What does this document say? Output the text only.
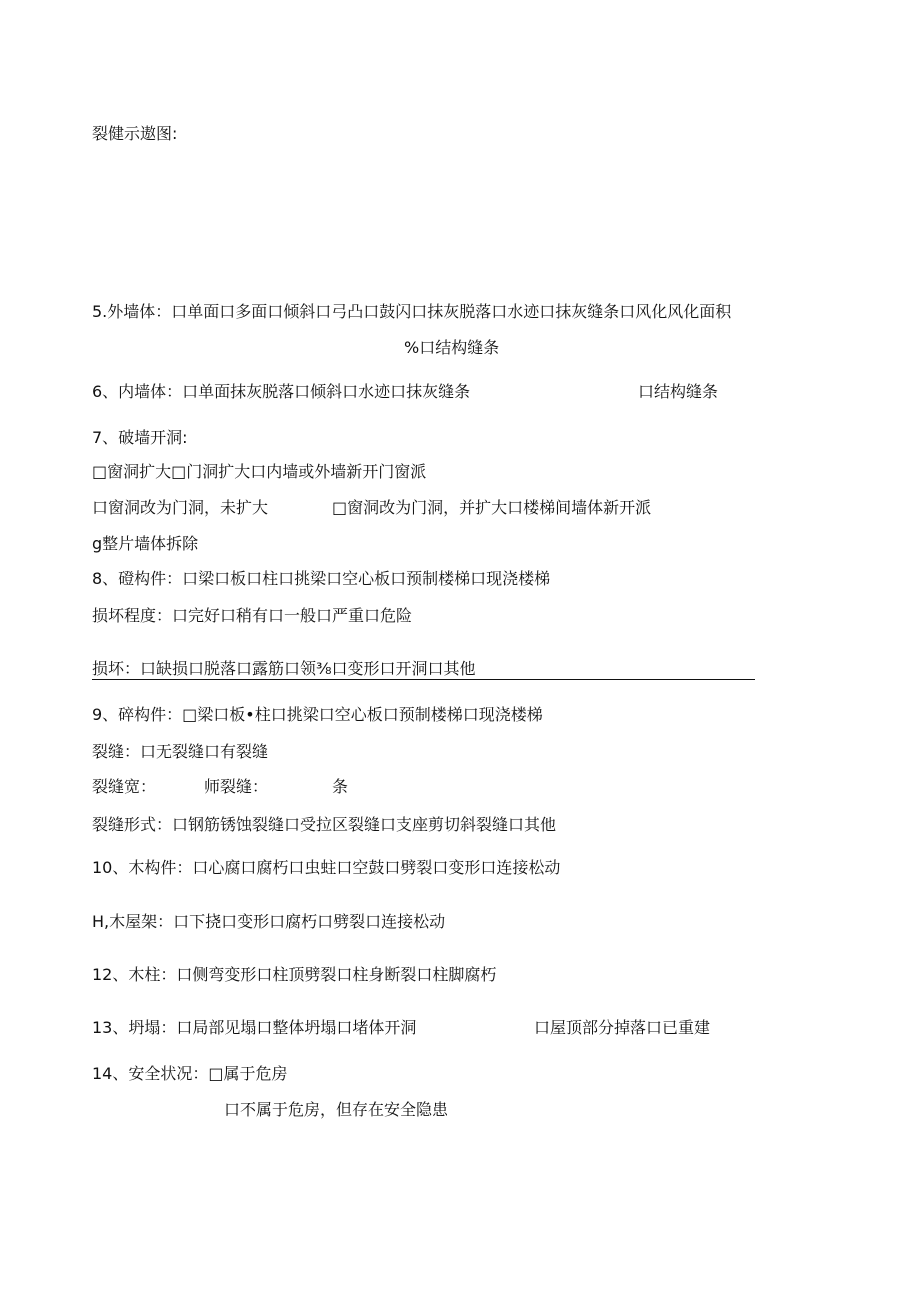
裂健示遨图:
5.外墙体：口单面口多面口倾斜口弓凸口鼓闪口抹灰脱落口水迹口抹灰缝条口风化风化面积
%口结构缝条
6、内墙体：口单面抹灰脱落口倾斜口水迹口抹灰缝条	口结构缝条
7、破墙开洞:
□窗洞扩大□门洞扩大口内墙或外墙新开门窗派
口窗洞改为门洞，未扩大	□窗洞改为门洞，并扩大口楼梯间墙体新开派
g整片墙体拆除
8、磴构件：口梁口板口柱口挑梁口空心板口预制楼梯口现浇楼梯
损坏程度：口完好口稍有口一般口严重口危险
损坏：口缺损口脱落口露筋口领⅜口变形口开洞口其他
9、碎构件：□梁口板•柱口挑梁口空心板口预制楼梯口现浇楼梯
裂缝：口无裂缝口有裂缝
裂缝宽：	师裂缝：	条
裂缝形式：口钢筋锈蚀裂缝口受拉区裂缝口支座剪切斜裂缝口其他
10、木构件：口心腐口腐朽口虫蛀口空鼓口劈裂口变形口连接松动
H,木屋架：口下挠口变形口腐朽口劈裂口连接松动
12、木柱：口侧弯变形口柱顶劈裂口柱身断裂口柱脚腐朽
13、坍塌：口局部见塌口整体坍塌口堵体开洞	口屋顶部分掉落口已重建
14、安全状况：□属于危房
口不属于危房，但存在安全隐患
